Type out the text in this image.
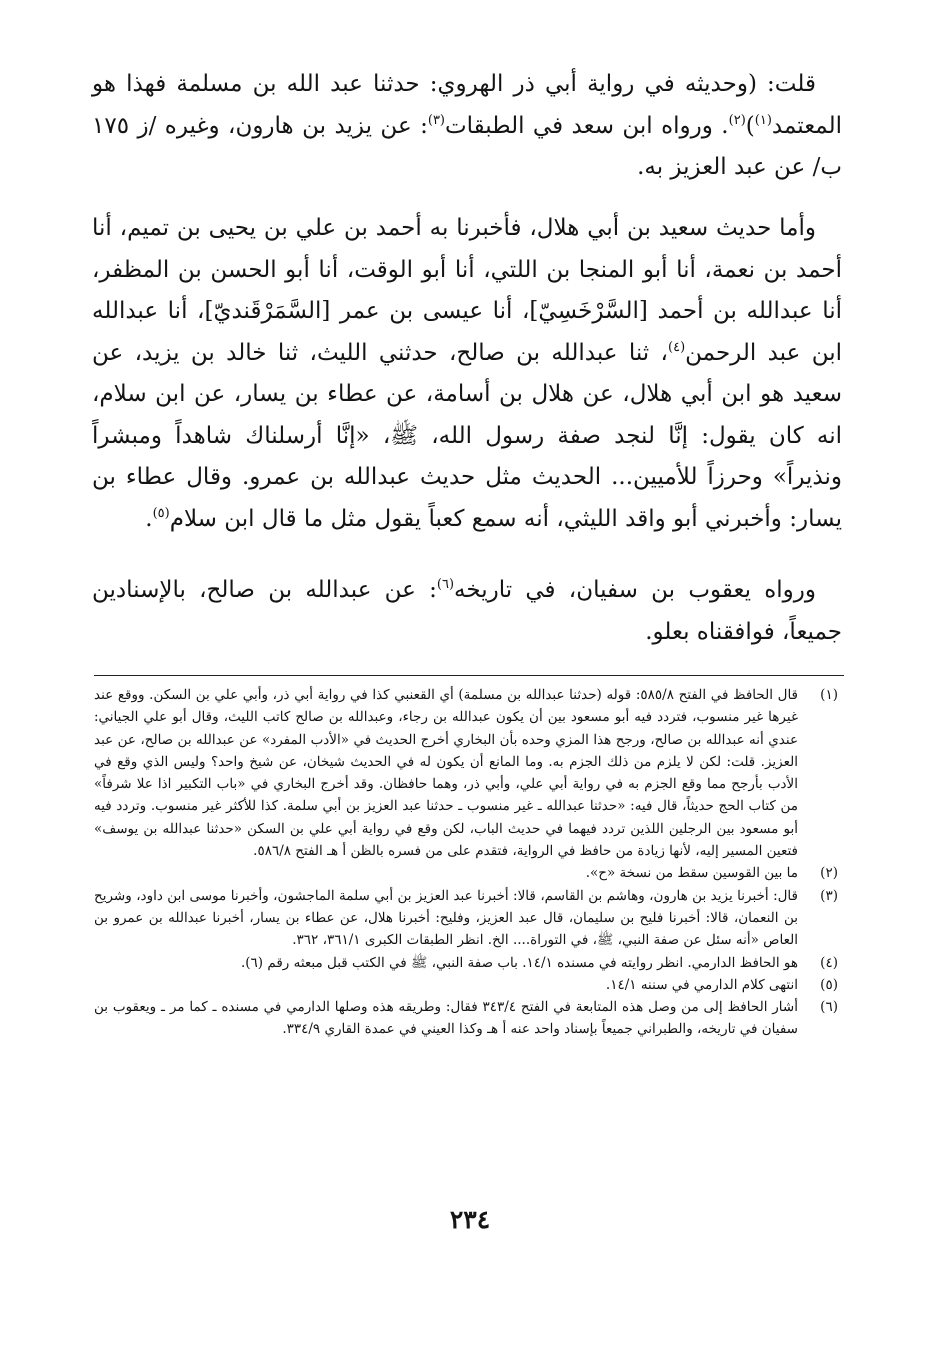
قلت: (وحديثه في رواية أبي ذر الهروي: حدثنا عبد الله بن مسلمة فهذا هو المعتمد$^{(١)}$)$^{(٢)}$. ورواه ابن سعد في الطبقات$^{(٣)}$: عن يزيد بن هارون، وغيره /ز ١٧٥ ب/ عن عبد العزيز به.

وأما حديث سعيد بن أبي هلال، فأخبرنا به أحمد بن علي بن يحيى بن تميم، أنا أحمد بن نعمة، أنا أبو المنجا بن اللتي، أنا أبو الوقت، أنا أبو الحسن بن المظفر، أنا عبدالله بن أحمد [السَّرْخَسِيّ]، أنا عيسى بن عمر [السَّمَرْقَنديّ]، أنا عبدالله ابن عبد الرحمن$^{(٤)}$، ثنا عبدالله بن صالح، حدثني الليث، ثنا خالد بن يزيد، عن سعيد هو ابن أبي هلال، عن هلال بن أسامة، عن عطاء بن يسار، عن ابن سلام، انه كان يقول: إنَّا لنجد صفة رسول الله، ﷺ، «إنَّا أرسلناك شاهداً ومبشراً ونذيراً» وحرزاً للأميين... الحديث مثل حديث عبدالله بن عمرو. وقال عطاء بن يسار: وأخبرني أبو واقد الليثي، أنه سمع كعباً يقول مثل ما قال ابن سلام$^{(٥)}$.

ورواه يعقوب بن سفيان، في تاريخه$^{(٦)}$: عن عبدالله بن صالح، بالإسنادين جميعاً، فوافقناه بعلو.

(١)
قال الحافظ في الفتح ٥٨٥/٨: قوله (حدثنا عبدالله بن مسلمة) أي القعنبي كذا في رواية أبي ذر، وأبي علي بن السكن. ووقع عند غيرها غير منسوب، فتردد فيه أبو مسعود بين أن يكون عبدالله بن رجاء، وعبدالله بن صالح كاتب الليث، وقال أبو علي الجياني: عندي أنه عبدالله بن صالح، ورجح هذا المزي وحده بأن البخاري أخرج الحديث في «الأدب المفرد» عن عبدالله بن صالح، عن عبد العزيز. قلت: لكن لا يلزم من ذلك الجزم به. وما المانع أن يكون له في الحديث شيخان، عن شيخ واحد؟ وليس الذي وقع في الأدب بأرجح مما وقع الجزم به في رواية أبي علي، وأبي ذر، وهما حافظان. وقد أخرج البخاري في «باب التكبير اذا علا شرفاً» من كتاب الحج حديثاً، قال فيه: «حدثنا عبدالله ـ غير منسوب ـ حدثنا عبد العزيز بن أبي سلمة. كذا للأكثر غير منسوب. وتردد فيه أبو مسعود بين الرجلين اللذين تردد فيهما في حديث الباب، لكن وقع في رواية أبي علي بن السكن «حدثنا عبدالله بن يوسف» فتعين المسير إليه، لأنها زيادة من حافظ في الرواية، فتقدم على من فسره بالظن أ هـ الفتح ٥٨٦/٨.
(٢)
ما بين القوسين سقط من نسخة «ح».
(٣)
قال: أخبرنا يزيد بن هارون، وهاشم بن القاسم، قالا: أخبرنا عبد العزيز بن أبي سلمة الماجشون، وأخبرنا موسى ابن داود، وشريح بن النعمان، قالا: أخبرنا فليح بن سليمان، قال عبد العزيز، وفليح: أخبرنا هلال، عن عطاء بن يسار، أخبرنا عبدالله بن عمرو بن العاص «أنه سئل عن صفة النبي، ﷺ، في التوراة.... الخ. انظر الطبقات الكبرى ٣٦١/١، ٣٦٢.
(٤)
هو الحافظ الدارمي. انظر روايته في مسنده ١٤/١. باب صفة النبي، ﷺ في الكتب قبل مبعثه رقم (٦).
(٥)
انتهى كلام الدارمي في سننه ١٤/١.
(٦)
أشار الحافظ إلى من وصل هذه المتابعة في الفتح ٣٤٣/٤ فقال: وطريقه هذه وصلها الدارمي في مسنده ـ كما مر ـ ويعقوب بن سفيان في تاريخه، والطبراني جميعاً بإسناد واحد عنه أ هـ وكذا العيني في عمدة القاري ٣٣٤/٩.
٢٣٤
